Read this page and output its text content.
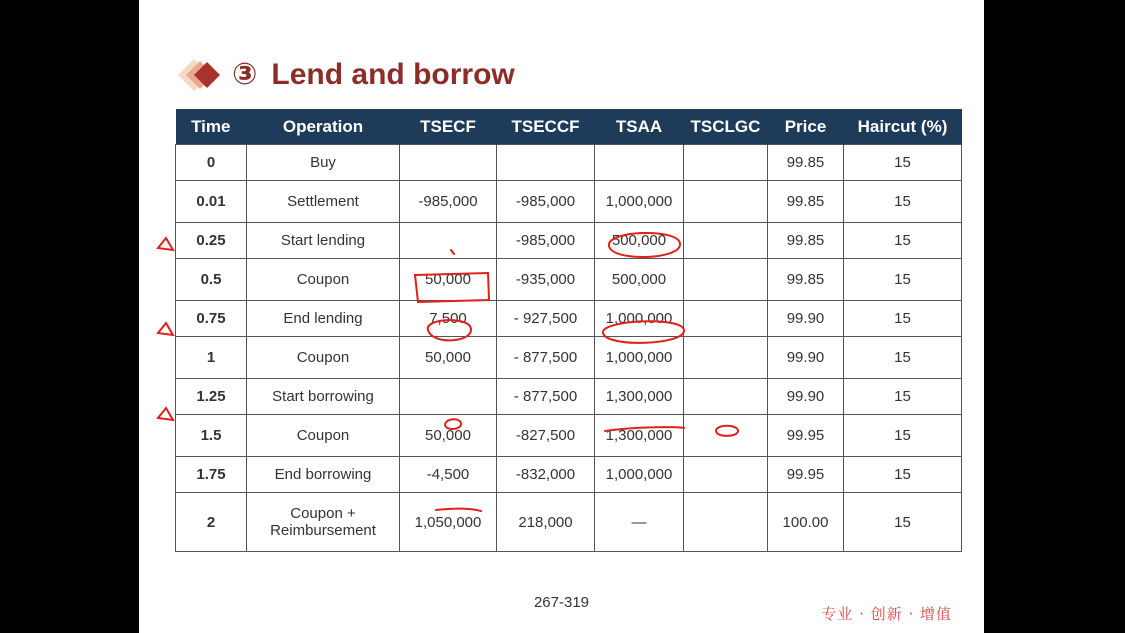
③ Lend and borrow
Time	Operation	TSECF	TSECCF	TSAA	TSCLGC	Price	Haircut (%)
0	Buy					99.85	15
0.01	Settlement	-985,000	-985,000	1,000,000		99.85	15
0.25	Start lending		-985,000	500,000		99.85	15
0.5	Coupon	50,000	-935,000	500,000		99.85	15
0.75	End lending	7,500	- 927,500	1,000,000		99.90	15
1	Coupon	50,000	- 877,500	1,000,000		99.90	15
1.25	Start borrowing		- 877,500	1,300,000		99.90	15
1.5	Coupon	50,000	-827,500	1,300,000		99.95	15
1.75	End borrowing	-4,500	-832,000	1,000,000		99.95	15
2	Coupon + Reimbursement	1,050,000	218,000	—		100.00	15
267-319
专业 · 创新 · 增值
